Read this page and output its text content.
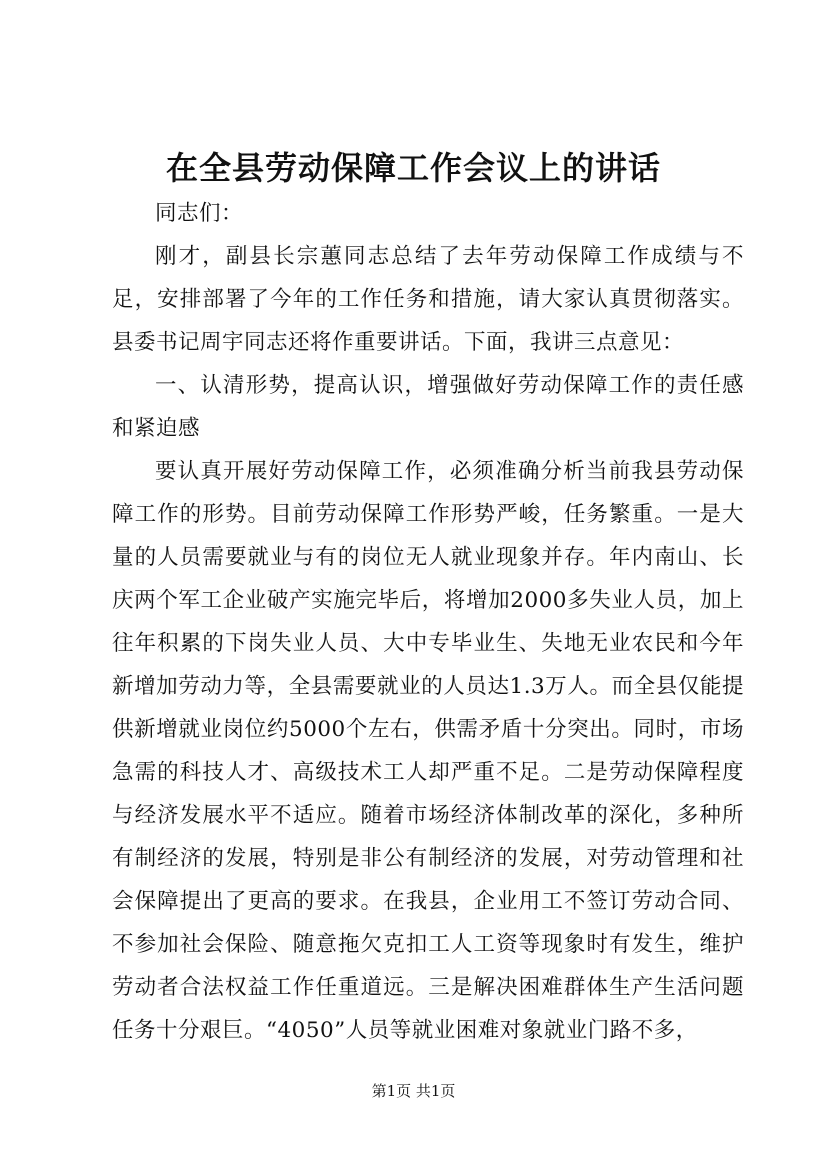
在全县劳动保障工作会议上的讲话

同志们：

刚才，副县长宗蕙同志总结了去年劳动保障工作成绩与不足，安排部署了今年的工作任务和措施，请大家认真贯彻落实。县委书记周宇同志还将作重要讲话。下面，我讲三点意见：

一、认清形势，提高认识，增强做好劳动保障工作的责任感和紧迫感

要认真开展好劳动保障工作，必须准确分析当前我县劳动保障工作的形势。目前劳动保障工作形势严峻，任务繁重。一是大量的人员需要就业与有的岗位无人就业现象并存。年内南山、长庆两个军工企业破产实施完毕后，将增加2000多失业人员，加上往年积累的下岗失业人员、大中专毕业生、失地无业农民和今年新增加劳动力等，全县需要就业的人员达1.3万人。而全县仅能提供新增就业岗位约5000个左右，供需矛盾十分突出。同时，市场急需的科技人才、高级技术工人却严重不足。二是劳动保障程度与经济发展水平不适应。随着市场经济体制改革的深化，多种所有制经济的发展，特别是非公有制经济的发展，对劳动管理和社会保障提出了更高的要求。在我县，企业用工不签订劳动合同、不参加社会保险、随意拖欠克扣工人工资等现象时有发生，维护劳动者合法权益工作任重道远。三是解决困难群体生产生活问题任务十分艰巨。“4050”人员等就业困难对象就业门路不多，

第1页 共1页
